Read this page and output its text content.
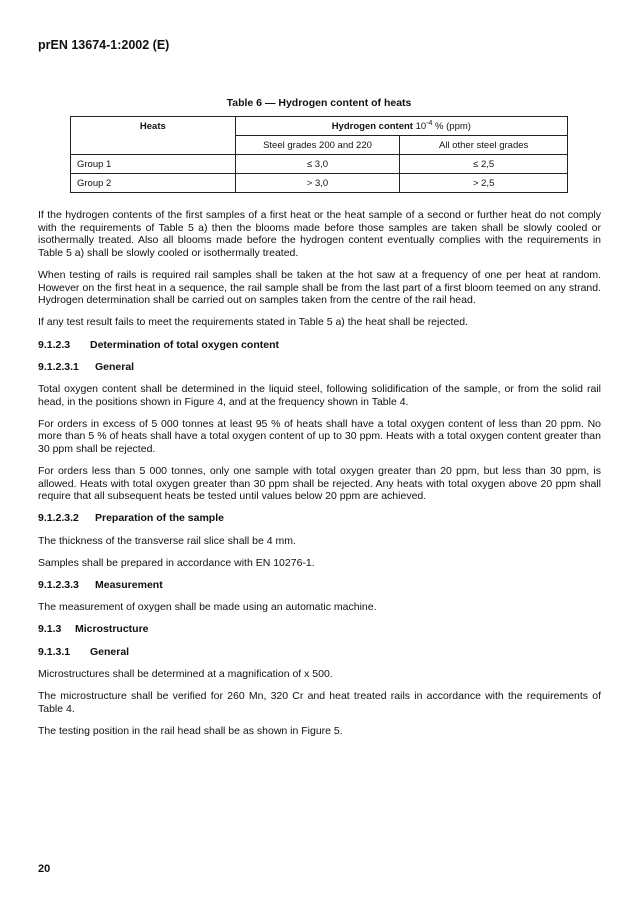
prEN 13674-1:2002 (E)
Table 6 — Hydrogen content of heats
Heats	Hydrogen content $10^{-4}$ % (ppm)	
	Steel grades 200 and 220	All other steel grades
Group 1	≤ 3,0	≤ 2,5
Group 2	> 3,0	> 2,5

If the hydrogen contents of the first samples of a first heat or the heat sample of a second or further heat do not comply with the requirements of Table 5 a) then the blooms made before those samples are taken shall be slowly cooled or isothermally treated. Also all blooms made before the hydrogen content eventually complies with the requirements in Table 5 a) shall be slowly cooled or isothermally treated.

When testing of rails is required rail samples shall be taken at the hot saw at a frequency of one per heat at random. However on the first heat in a sequence, the rail sample shall be from the last part of a first bloom teemed on any strand. Hydrogen determination shall be carried out on samples taken from the centre of the rail head.

If any test result fails to meet the requirements stated in Table 5 a) the heat shall be rejected.

9.1.2.3 Determination of total oxygen content
9.1.2.3.1 General

Total oxygen content shall be determined in the liquid steel, following solidification of the sample, or from the solid rail head, in the positions shown in Figure 4, and at the frequency shown in Table 4.

For orders in excess of 5 000 tonnes at least 95 % of heats shall have a total oxygen content of less than 20 ppm. No more than 5 % of heats shall have a total oxygen content of up to 30 ppm. Heats with a total oxygen content greater than 30 ppm shall be rejected.

For orders less than 5 000 tonnes, only one sample with total oxygen greater than 20 ppm, but less than 30 ppm, is allowed. Heats with total oxygen greater than 30 ppm shall be rejected. Any heats with total oxygen above 20 ppm shall require that all subsequent heats be tested until values below 20 ppm are achieved.

9.1.2.3.2 Preparation of the sample

The thickness of the transverse rail slice shall be 4 mm.

Samples shall be prepared in accordance with EN 10276-1.

9.1.2.3.3 Measurement

The measurement of oxygen shall be made using an automatic machine.

9.1.3 Microstructure
9.1.3.1 General

Microstructures shall be determined at a magnification of x 500.

The microstructure shall be verified for 260 Mn, 320 Cr and heat treated rails in accordance with the requirements of Table 4.

The testing position in the rail head shall be as shown in Figure 5.

20
